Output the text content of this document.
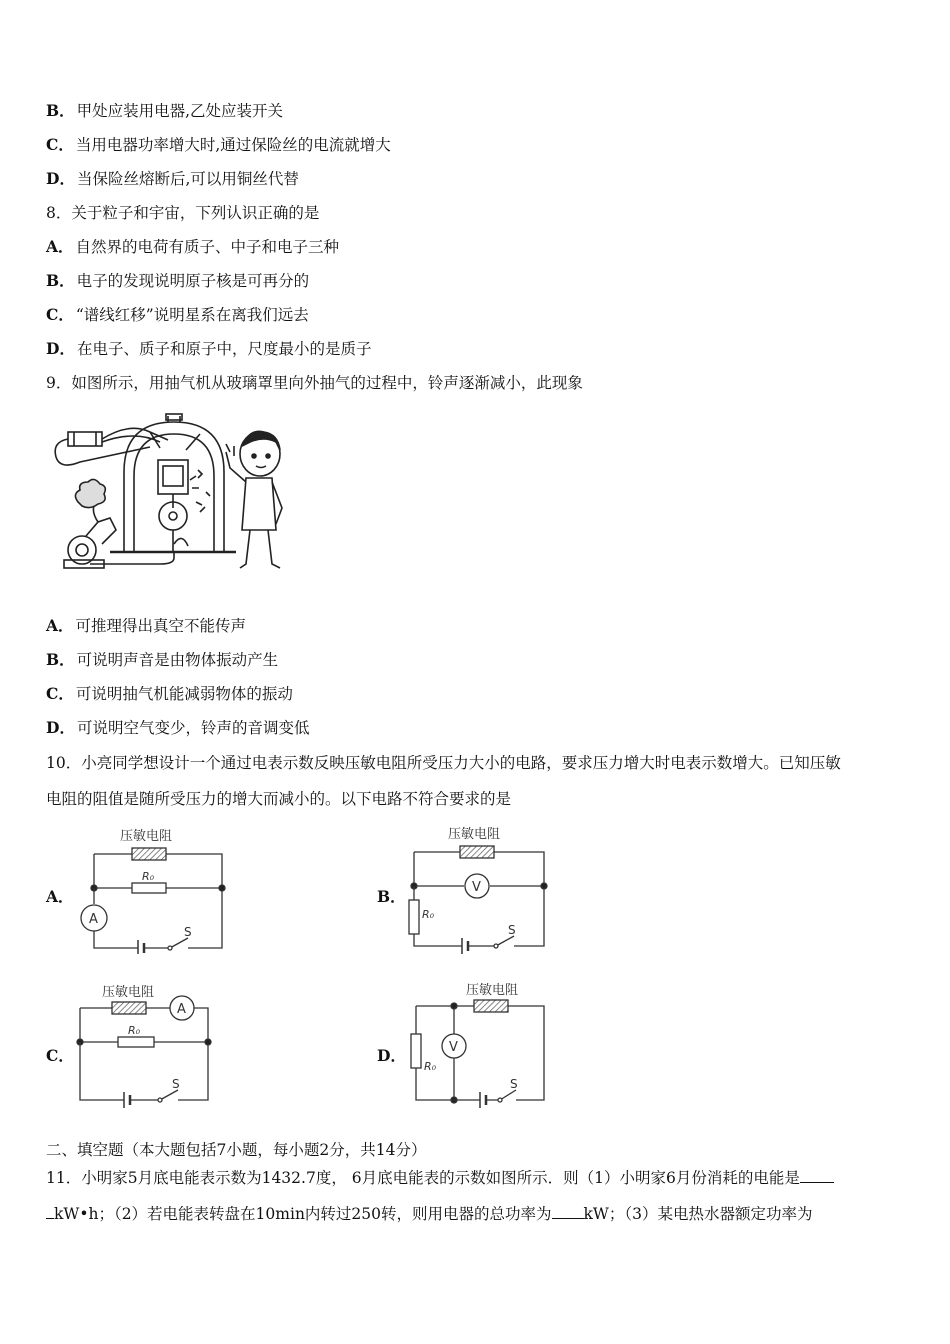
B． 甲处应装用电器,乙处应装开关
C． 当用电器功率增大时,通过保险丝的电流就增大
D． 当保险丝熔断后,可以用铜丝代替
8．关于粒子和宇宙，下列认识正确的是
A． 自然界的电荷有质子、中子和电子三种
B． 电子的发现说明原子核是可再分的
C． “谱线红移”说明星系在离我们远去
D． 在电子、质子和原子中，尺度最小的是质子
9．如图所示，用抽气机从玻璃罩里向外抽气的过程中，铃声逐渐减小，此现象
A． 可推理得出真空不能传声
B． 可说明声音是由物体振动产生
C． 可说明抽气机能减弱物体的振动
D． 可说明空气变少，铃声的音调变低
10．小亮同学想设计一个通过电表示数反映压敏电阻所受压力大小的电路，要求压力增大时电表示数增大。已知压敏
电阻的阻值是随所受压力的增大而减小的。以下电路不符合要求的是
A．
压敏电阻
R₀
A
S
B．
压敏电阻
V
R₀
S
C．
压敏电阻
A
R₀
S
D．
压敏电阻
V
R₀
S
二、填空题（本大题包括7小题，每小题2分，共14分）
11．小明家5月底电能表示数为1432.7度， 6月底电能表的示数如图所示．则（1）小明家6月份消耗的电能是
kW•h；（2）若电能表转盘在10min内转过250转，则用电器的总功率为 kW；（3）某电热水器额定功率为
